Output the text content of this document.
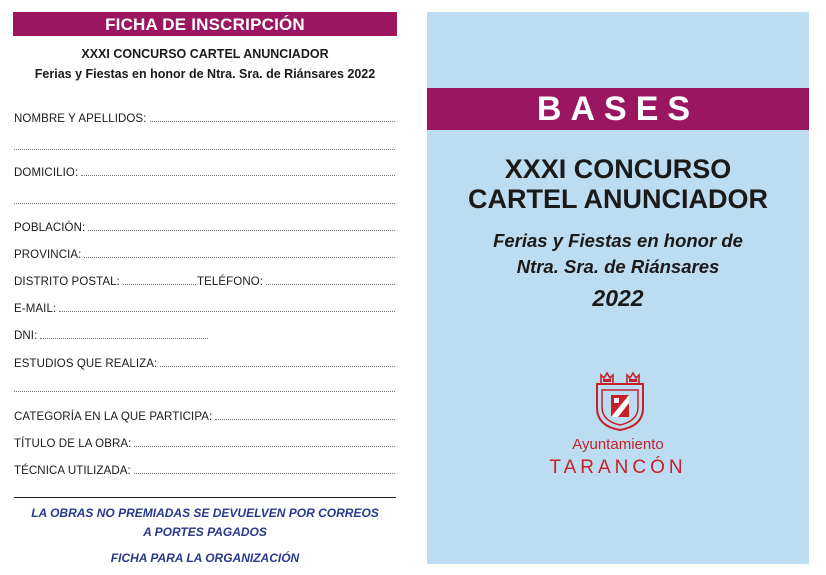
FICHA DE INSCRIPCIÓN
XXXI CONCURSO CARTEL ANUNCIADOR
Ferias y Fiestas en honor de Ntra. Sra. de Riánsares 2022
NOMBRE Y APELLIDOS:
DOMICILIO:
POBLACIÓN:
PROVINCIA:
DISTRITO POSTAL:	TELÉFONO:
E-MAIL:
DNI:
ESTUDIOS QUE REALIZA:
CATEGORÍA EN LA QUE PARTICIPA:
TÍTULO DE LA OBRA:
TÉCNICA UTILIZADA:
LA OBRAS NO PREMIADAS SE DEVUELVEN POR CORREOS
A PORTES PAGADOS
FICHA PARA LA ORGANIZACIÓN
BASES
XXXI CONCURSO
CARTEL ANUNCIADOR
Ferias y Fiestas en honor de
Ntra. Sra. de Riánsares
2022
Ayuntamiento
TARANCÓN
